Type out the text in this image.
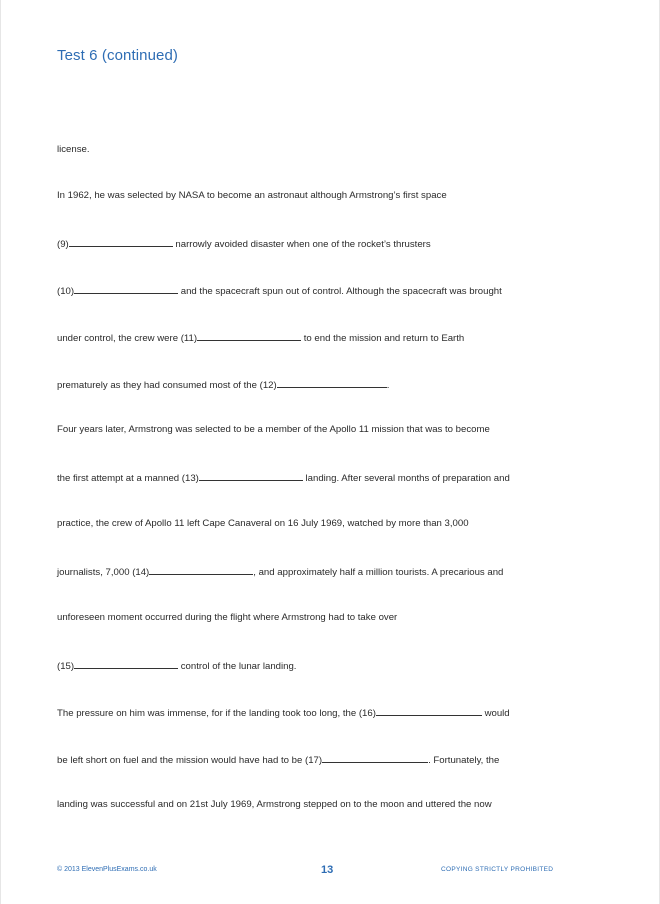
Test 6 (continued)
license.
In 1962, he was selected by NASA to become an astronaut although Armstrong’s first space
(9)	narrowly avoided disaster when one of the rocket’s thrusters
(10)	and the spacecraft spun out of control. Although the spacecraft was brought
under control, the crew were (11)	to end the mission and return to Earth
prematurely as they had consumed most of the (12)	.
Four years later, Armstrong was selected to be a member of the Apollo 11 mission that was to become
the first attempt at a manned (13)	landing. After several months of preparation and
practice, the crew of Apollo 11 left Cape Canaveral on 16 July 1969, watched by more than 3,000
journalists, 7,000 (14)	, and approximately half a million tourists. A precarious and
unforeseen moment occurred during the flight where Armstrong had to take over
(15)	control of the lunar landing.
The pressure on him was immense, for if the landing took too long, the (16)	would
be left short on fuel and the mission would have had to be (17)	. Fortunately, the
landing was successful and on 21st July 1969, Armstrong stepped on to the moon and uttered the now
© 2013 ElevenPlusExams.co.uk	13	COPYING STRICTLY PROHIBITED
